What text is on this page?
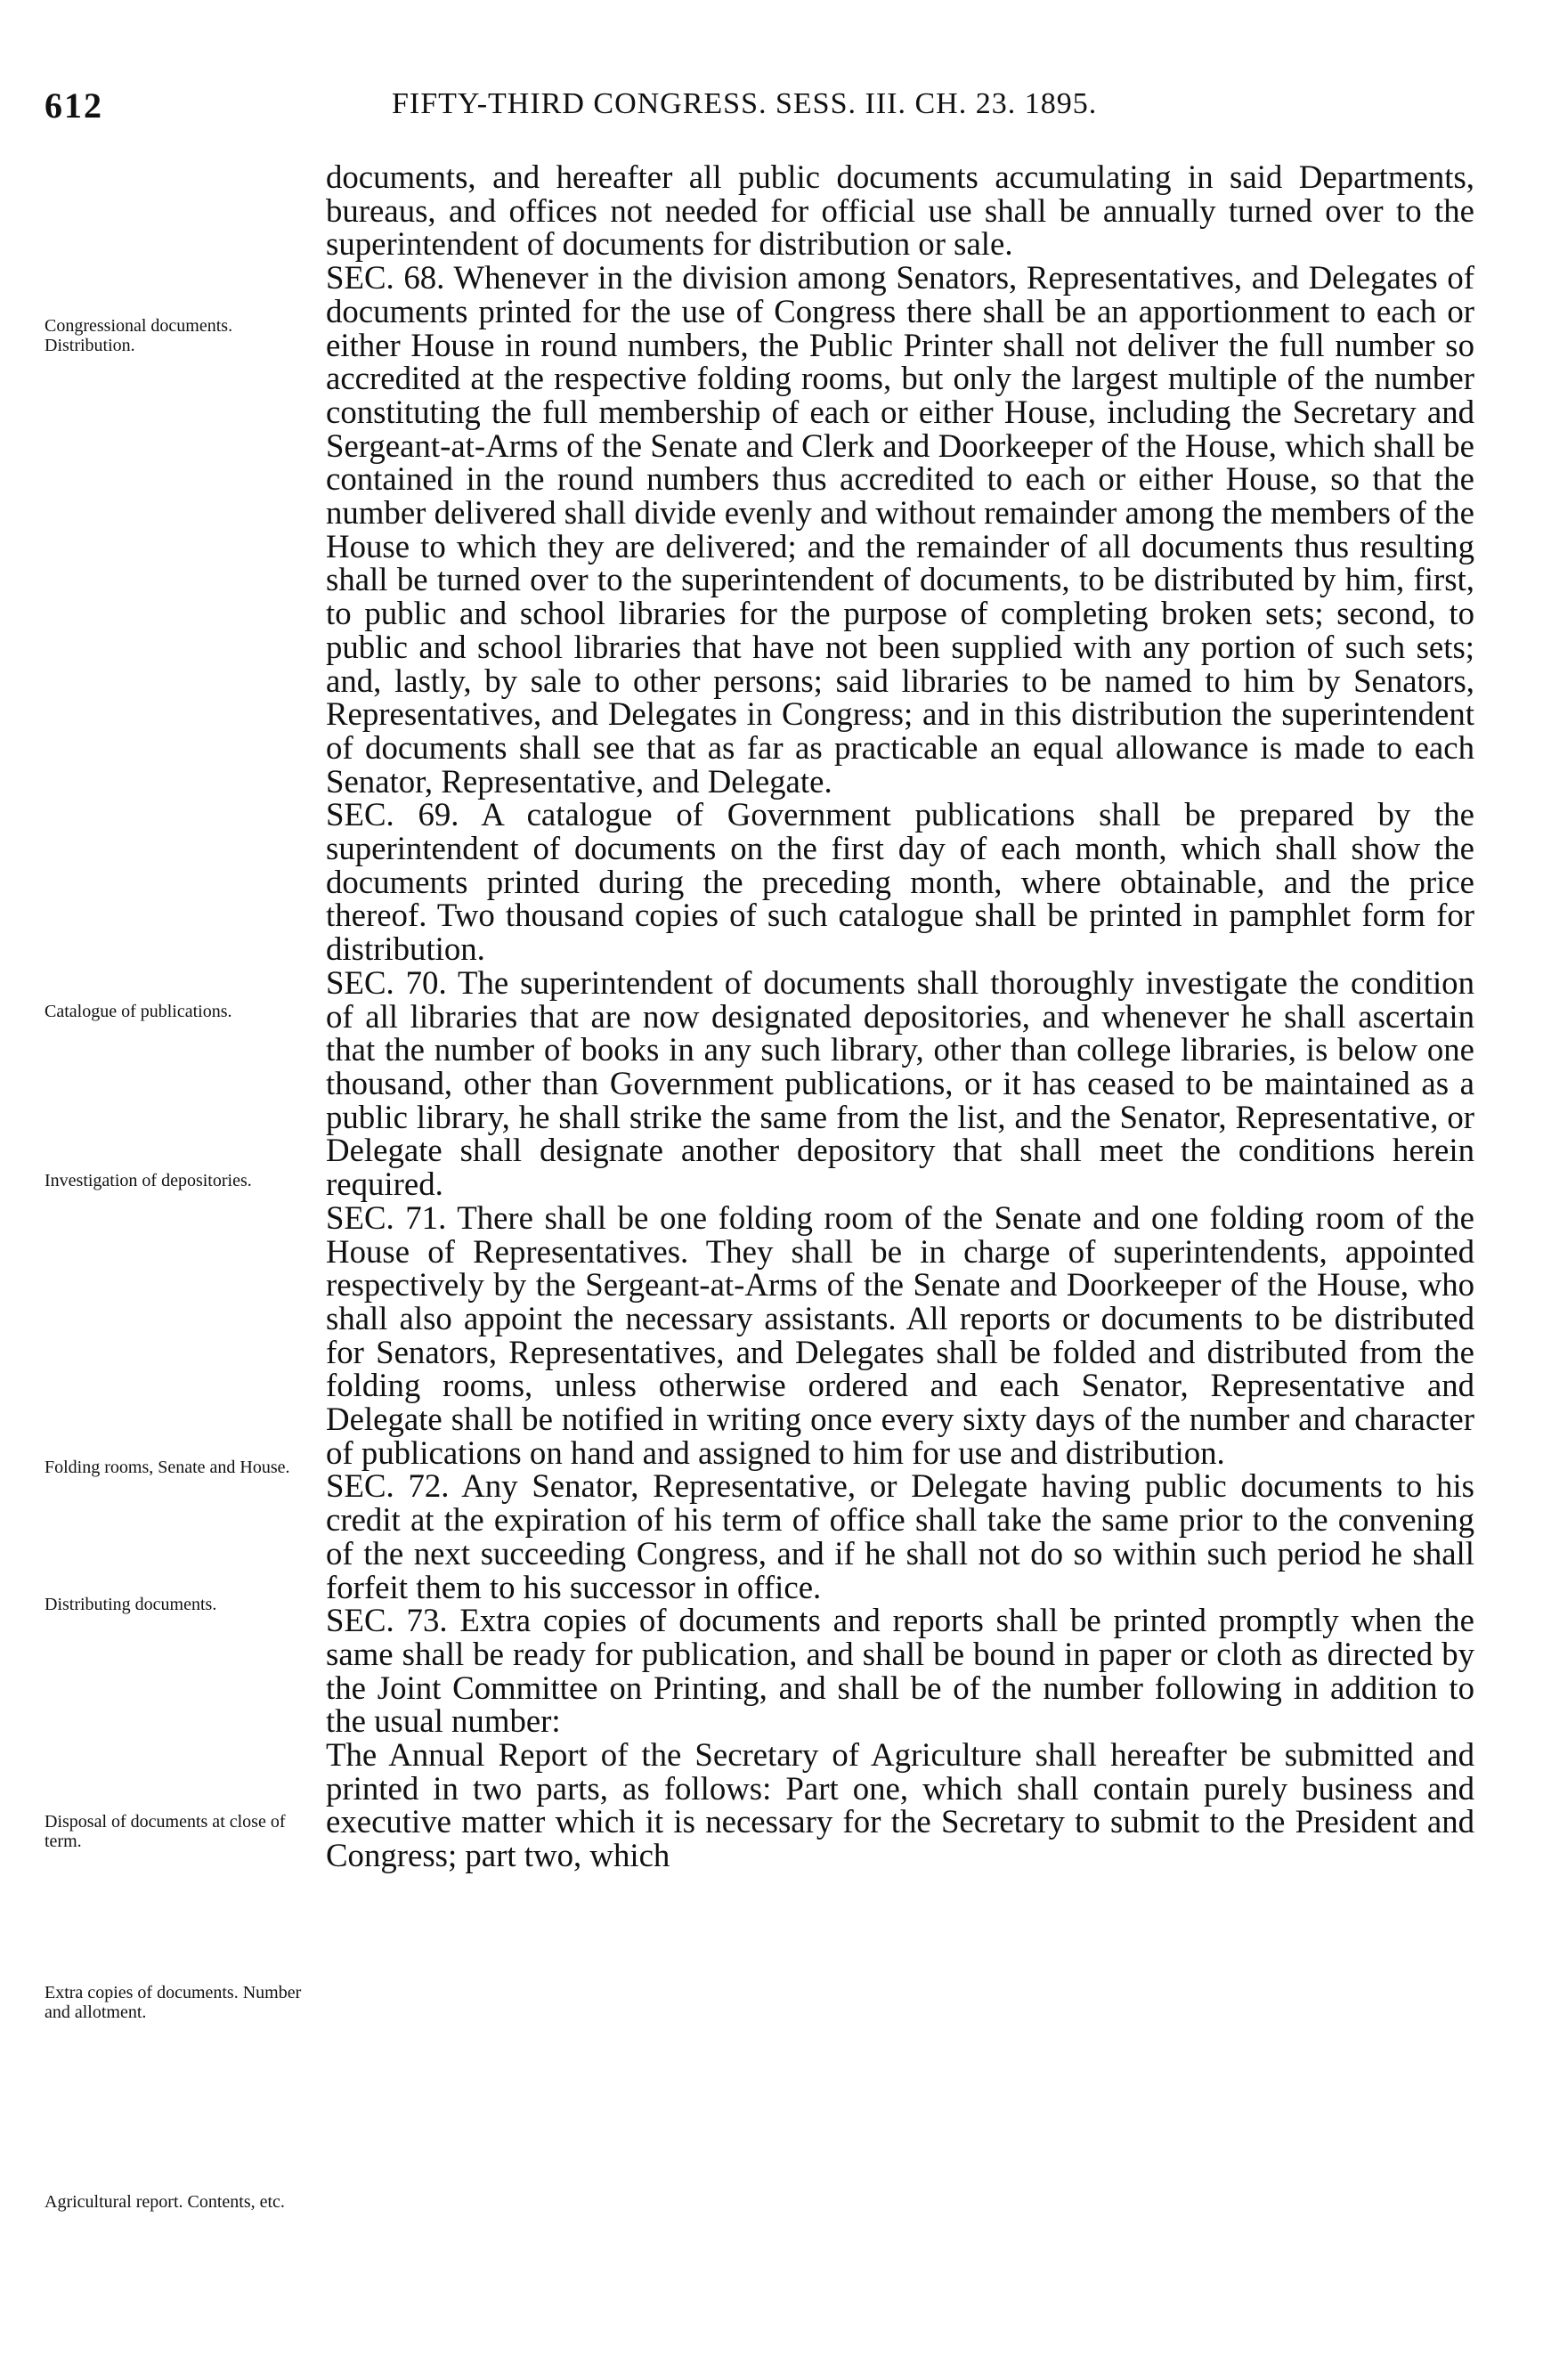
612	FIFTY-THIRD CONGRESS. SESS. III. CH. 23. 1895.

Congressional documents. Distribution.

Catalogue of publications.

Investigation of depositories.

Folding rooms, Senate and House.

Distributing documents.

Disposal of documents at close of term.

Extra copies of documents. Number and allotment.

Agricultural report. Contents, etc.

documents, and hereafter all public documents accumulating in said Departments, bureaus, and offices not needed for official use shall be annually turned over to the superintendent of documents for distribution or sale.

SEC. 68. Whenever in the division among Senators, Representatives, and Delegates of documents printed for the use of Congress there shall be an apportionment to each or either House in round numbers, the Public Printer shall not deliver the full number so accredited at the respective folding rooms, but only the largest multiple of the number constituting the full membership of each or either House, including the Secretary and Sergeant-at-Arms of the Senate and Clerk and Doorkeeper of the House, which shall be contained in the round numbers thus accredited to each or either House, so that the number delivered shall divide evenly and without remainder among the members of the House to which they are delivered; and the remainder of all documents thus resulting shall be turned over to the superintendent of documents, to be distributed by him, first, to public and school libraries for the purpose of completing broken sets; second, to public and school libraries that have not been supplied with any portion of such sets; and, lastly, by sale to other persons; said libraries to be named to him by Senators, Representatives, and Delegates in Congress; and in this distribution the superintendent of documents shall see that as far as practicable an equal allowance is made to each Senator, Representative, and Delegate.

SEC. 69. A catalogue of Government publications shall be prepared by the superintendent of documents on the first day of each month, which shall show the documents printed during the preceding month, where obtainable, and the price thereof. Two thousand copies of such catalogue shall be printed in pamphlet form for distribution.

SEC. 70. The superintendent of documents shall thoroughly investigate the condition of all libraries that are now designated depositories, and whenever he shall ascertain that the number of books in any such library, other than college libraries, is below one thousand, other than Government publications, or it has ceased to be maintained as a public library, he shall strike the same from the list, and the Senator, Representative, or Delegate shall designate another depository that shall meet the conditions herein required.

SEC. 71. There shall be one folding room of the Senate and one folding room of the House of Representatives. They shall be in charge of superintendents, appointed respectively by the Sergeant-at-Arms of the Senate and Doorkeeper of the House, who shall also appoint the necessary assistants. All reports or documents to be distributed for Senators, Representatives, and Delegates shall be folded and distributed from the folding rooms, unless otherwise ordered and each Senator, Representative and Delegate shall be notified in writing once every sixty days of the number and character of publications on hand and assigned to him for use and distribution.

SEC. 72. Any Senator, Representative, or Delegate having public documents to his credit at the expiration of his term of office shall take the same prior to the convening of the next succeeding Congress, and if he shall not do so within such period he shall forfeit them to his successor in office.

SEC. 73. Extra copies of documents and reports shall be printed promptly when the same shall be ready for publication, and shall be bound in paper or cloth as directed by the Joint Committee on Printing, and shall be of the number following in addition to the usual number:

The Annual Report of the Secretary of Agriculture shall hereafter be submitted and printed in two parts, as follows: Part one, which shall contain purely business and executive matter which it is necessary for the Secretary to submit to the President and Congress; part two, which
